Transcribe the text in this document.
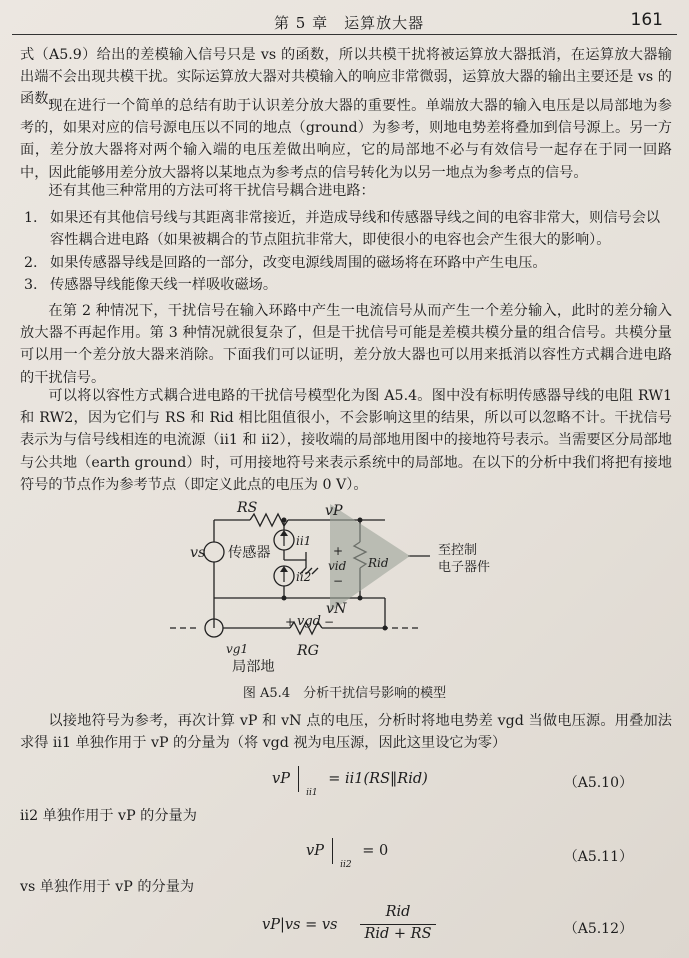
第 5 章　运算放大器	161
式（A5.9）给出的差模输入信号只是 vs 的函数，所以共模干扰将被运算放大器抵消，在运算放大器输出端不会出现共模干扰。实际运算放大器对共模输入的响应非常微弱，运算放大器的输出主要还是 vs 的函数。
现在进行一个简单的总结有助于认识差分放大器的重要性。单端放大器的输入电压是以局部地为参考的，如果对应的信号源电压以不同的地点（ground）为参考，则地电势差将叠加到信号源上。另一方面，差分放大器将对两个输入端的电压差做出响应，它的局部地不必与有效信号一起存在于同一回路中，因此能够用差分放大器将以某地点为参考点的信号转化为以另一地点为参考点的信号。
还有其他三种常用的方法可将干扰信号耦合进电路：
1. 如果还有其他信号线与其距离非常接近，并造成导线和传感器导线之间的电容非常大，则信号会以容性耦合进电路（如果被耦合的节点阻抗非常大，即使很小的电容也会产生很大的影响）。
2. 如果传感器导线是回路的一部分，改变电源线周围的磁场将在环路中产生电压。
3. 传感器导线能像天线一样吸收磁场。
在第 2 种情况下，干扰信号在输入环路中产生一电流信号从而产生一个差分输入，此时的差分输入放大器不再起作用。第 3 种情况就很复杂了，但是干扰信号可能是差模共模分量的组合信号。共模分量可以用一个差分放大器来消除。下面我们可以证明，差分放大器也可以用来抵消以容性方式耦合进电路的干扰信号。
可以将以容性方式耦合进电路的干扰信号模型化为图 A5.4。图中没有标明传感器导线的电阻 RW1 和 RW2，因为它们与 RS 和 Rid 相比阻值很小，不会影响这里的结果，所以可以忽略不计。干扰信号表示为与信号线相连的电流源（ii1 和 ii2），接收端的局部地用图中的接地符号表示。当需要区分局部地与公共地（earth ground）时，可用接地符号来表示系统中的局部地。在以下的分析中我们将把有接地符号的节点作为参考节点（即定义此点的电压为 0 V）。
RS	vP
vs 传感器
ii1
ii2
+
vid
−
Rid
至控制
电子器件
vN
+ vgd −
RG
vg1
局部地
图 A5.4　分析干扰信号影响的模型
以接地符号为参考，再次计算 vP 和 vN 点的电压，分析时将地电势差 vgd 当做电压源。用叠加法求得 ii1 单独作用于 vP 的分量为（将 vgd 视为电压源，因此这里设它为零）
vP  $_{ii1}$ = ii1(RS‖Rid)	（A5.10）
ii2 单独作用于 vP 的分量为
vP  $_{ii2}$ = 0	（A5.11）
vs 单独作用于 vP 的分量为
vP|vs = vs
Rid
Rid + RS	（A5.12）
